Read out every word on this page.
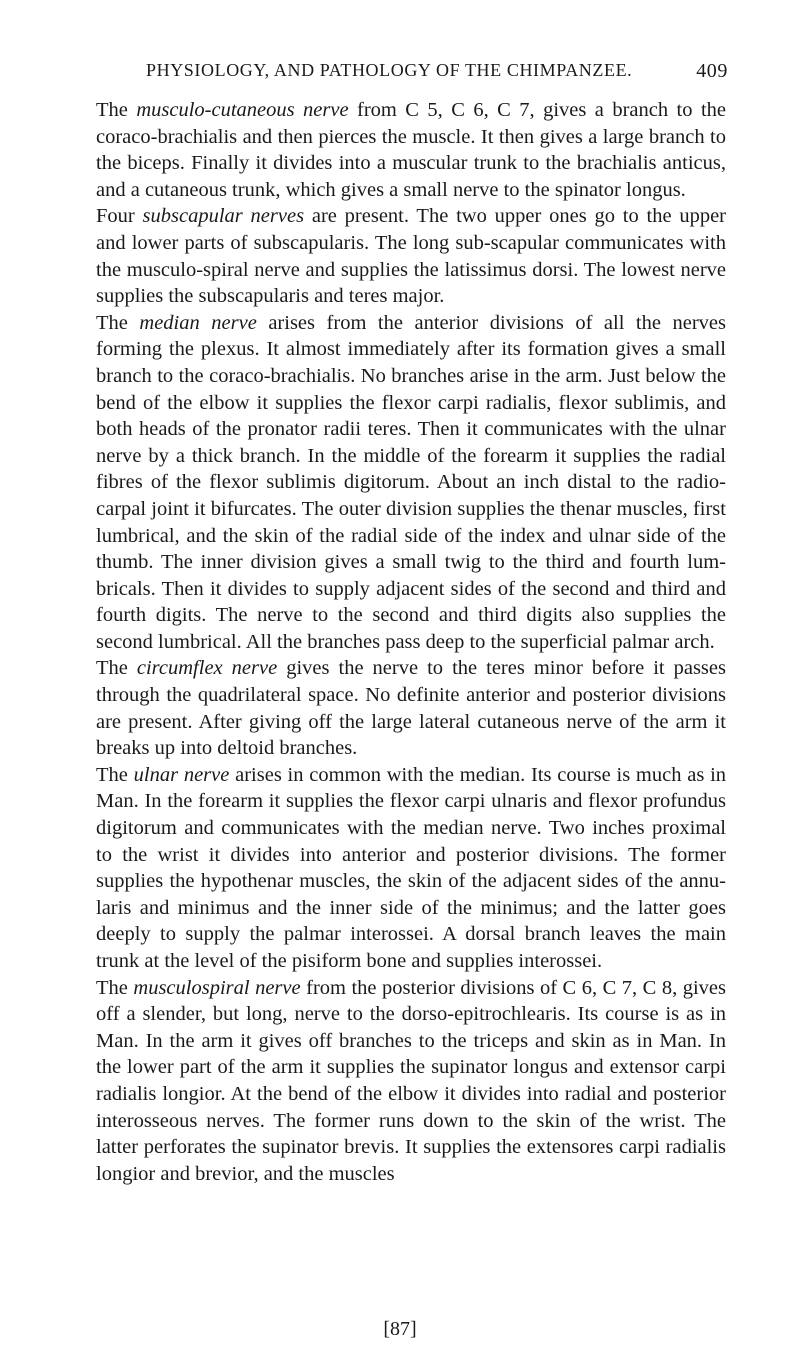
PHYSIOLOGY, AND PATHOLOGY OF THE CHIMPANZEE.	409

The musculo-cutaneous nerve from C 5, C 6, C 7, gives a branch to the coraco-brachialis and then pierces the muscle. It then gives a large branch to the biceps. Finally it divides into a muscular trunk to the brachialis anticus, and a cutaneous trunk, which gives a small nerve to the spinator longus.

Four subscapular nerves are present. The two upper ones go to the upper and lower parts of subscapularis. The long sub-scapular communicates with the musculo-spiral nerve and supplies the latissimus dorsi. The lowest nerve supplies the subscapularis and teres major.

The median nerve arises from the anterior divisions of all the nerves forming the plexus. It almost immediately after its formation gives a small branch to the coraco-brachialis. No branches arise in the arm. Just below the bend of the elbow it supplies the flexor carpi radialis, flexor sublimis, and both heads of the pronator radii teres. Then it communicates with the ulnar nerve by a thick branch. In the middle of the forearm it supplies the radial fibres of the flexor sublimis digitorum. About an inch distal to the radio-carpal joint it bifurcates. The outer division supplies the thenar muscles, first lumbrical, and the skin of the radial side of the index and ulnar side of the thumb. The inner division gives a small twig to the third and fourth lum-bricals. Then it divides to supply adjacent sides of the second and third and fourth digits. The nerve to the second and third digits also supplies the second lumbrical. All the branches pass deep to the superficial palmar arch.

The circumflex nerve gives the nerve to the teres minor before it passes through the quadrilateral space. No definite anterior and posterior divisions are present. After giving off the large lateral cutaneous nerve of the arm it breaks up into deltoid branches.

The ulnar nerve arises in common with the median. Its course is much as in Man. In the forearm it supplies the flexor carpi ulnaris and flexor profundus digitorum and communicates with the median nerve. Two inches proximal to the wrist it divides into anterior and posterior divisions. The former supplies the hypothenar muscles, the skin of the adjacent sides of the annu-laris and minimus and the inner side of the minimus; and the latter goes deeply to supply the palmar interossei. A dorsal branch leaves the main trunk at the level of the pisiform bone and supplies interossei.

The musculospiral nerve from the posterior divisions of C 6, C 7, C 8, gives off a slender, but long, nerve to the dorso-epitrochlearis. Its course is as in Man. In the arm it gives off branches to the triceps and skin as in Man. In the lower part of the arm it supplies the supinator longus and extensor carpi radialis longior. At the bend of the elbow it divides into radial and posterior interosseous nerves. The former runs down to the skin of the wrist. The latter perforates the supinator brevis. It supplies the extensores carpi radialis longior and brevior, and the muscles

[87]
